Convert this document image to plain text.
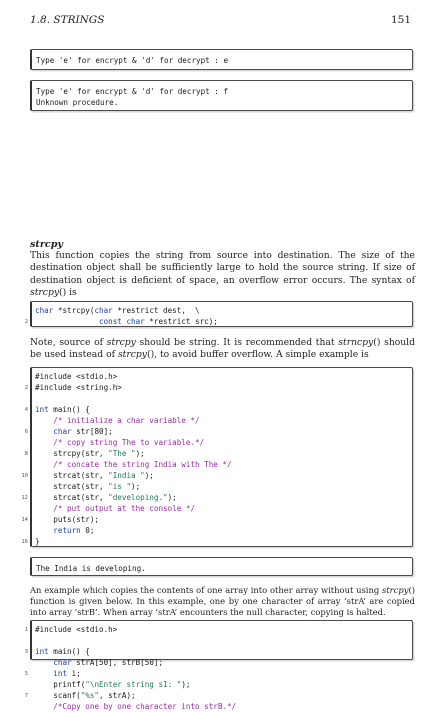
1.8. STRINGS	151
Type 'e' for encrypt & 'd' for decrypt : e
Type 'e' for encrypt & 'd' for decrypt : f
Unknown procedure.
strcpy
This function copies the string from source into destination. The size of the destination object shall be sufficiently large to hold the source string. If size of destination object is deficient of space, an overflow error occurs. The syntax of strcpy() is
char *strcpy(char *restrict dest,  \
2	const char *restrict src);
Note, source of strcpy should be string. It is recommended that strncpy() should be used instead of strcpy(), to avoid buffer overflow. A simple example is
#include <stdio.h>
2 #include <string.h>

4 int main() {
/* initialize a char variable */
6	char str[80];
/* copy string The to variable.*/
8 strcpy(str, "The ");
/* concate the string India with The */
10 strcat(str, "India ");
strcat(str, "is ");
12 strcat(str, "developing.");
/* put output at the console */
14 puts(str);
return 0;
16 }
The India is developing.
An example which copies the contents of one array into other array without using strcpy() function is given below. In this example, one by one character of array ‘strA’ are copied into array ‘strB’. When array ‘strA’ encounters the null character, copying is halted.
1 #include <stdio.h>

3 int main() {
char strA[50], strB[50];
5	int i;
printf("\nEnter string s1: ");
7 scanf("%s", strA);
/*Copy one by one character into strB.*/
